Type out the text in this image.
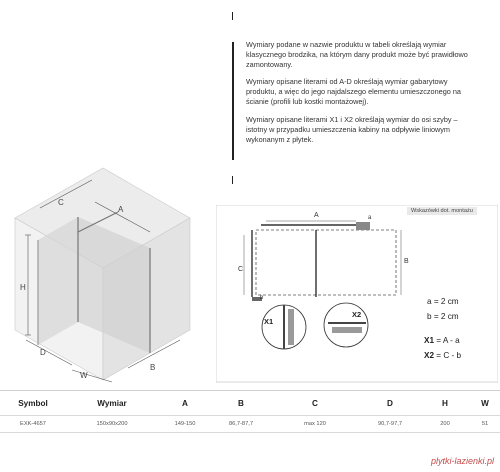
Wymiary podane w nazwie produktu w tabeli określają wymiar klasycznego brodzika, na którym dany produkt może być prawidłowo zamontowany.

Wymiary opisane literami od A-D określają wymiar gabarytowy produktu, a więc do jego najdalszego elementu umieszczonego na ścianie (profili lub kostki montażowej).

Wymiary opisane literami X1 i X2 określają wymiar do osi szyby – istotny w przypadku umieszczenia kabiny na odpływie liniowym wykonanym z płytek.

C
A
H
D
W
B
A
B
C
a
b
X1
X2
Wskazówki dot. montażu
a = 2 cm
b = 2 cm
X1 = A - a
X2 = C - b
Symbol	Wymiar	A	B	C	D	H	W
EXK-4657	150x90x200	149-150	86,7-87,7	max 120	90,7-97,7	200	51
plytki-lazienki.pl
